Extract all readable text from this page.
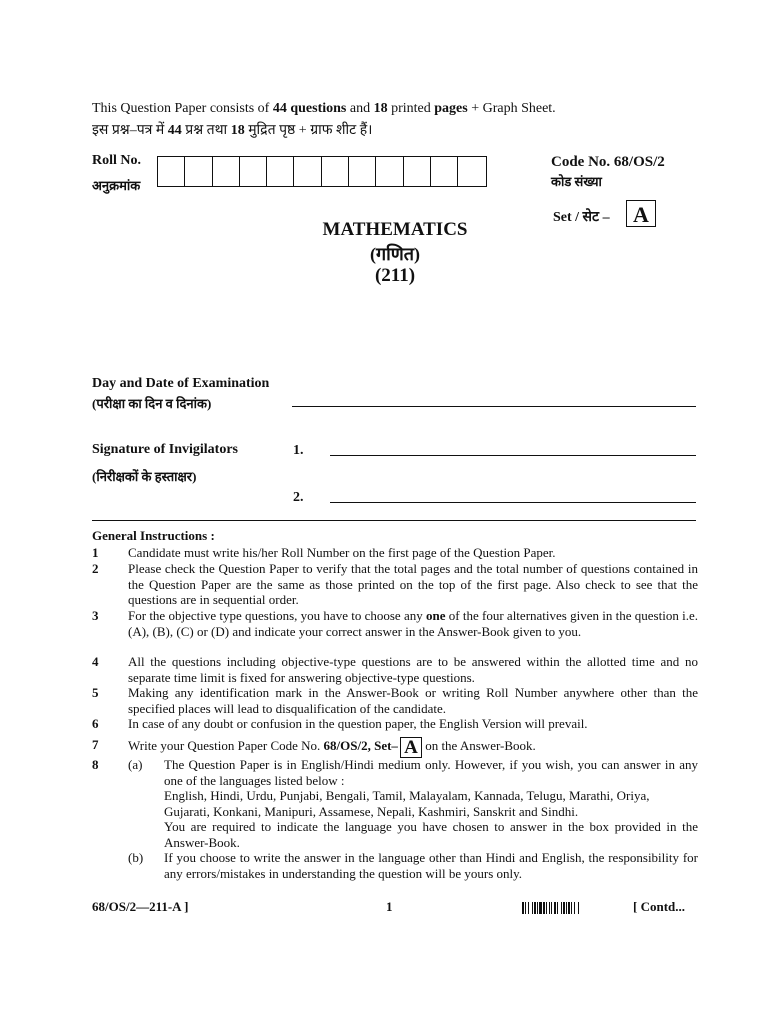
This Question Paper consists of 44 questions and 18 printed pages + Graph Sheet.
इस प्रश्न–पत्र में 44 प्रश्न तथा 18 मुद्रित पृष्ठ + ग्राफ शीट हैं।
Roll No.
अनुक्रमांक
Code No. 68/OS/2
कोड संख्या
Set / सेट –	A
MATHEMATICS
(गणित)
(211)
Day and Date of Examination
(परीक्षा का दिन व दिनांक)
Signature of Invigilators
(निरीक्षकों के हस्ताक्षर)
1.
2.
General Instructions :
1 Candidate must write his/her Roll Number on the first page of the Question Paper.
2 Please check the Question Paper to verify that the total pages and the total number of questions contained in the Question Paper are the same as those printed on the top of the first page. Also check to see that the questions are in sequential order.
3 For the objective type questions, you have to choose any one of the four alternatives given in the question i.e. (A), (B), (C) or (D) and indicate your correct answer in the Answer-Book given to you.
4 All the questions including objective-type questions are to be answered within the allotted time and no separate time limit is fixed for answering objective-type questions.
5 Making any identification mark in the Answer-Book or writing Roll Number anywhere other than the specified places will lead to disqualification of the candidate.
6 In case of any doubt or confusion in the question paper, the English Version will prevail.
7 Write your Question Paper Code No. 68/OS/2, Set– A on the Answer-Book.
8 (a) The Question Paper is in English/Hindi medium only. However, if you wish, you can answer in any one of the languages listed below :
English, Hindi, Urdu, Punjabi, Bengali, Tamil, Malayalam, Kannada, Telugu, Marathi, Oriya,
Gujarati, Konkani, Manipuri, Assamese, Nepali, Kashmiri, Sanskrit and Sindhi.
You are required to indicate the language you have chosen to answer in the box provided in the Answer-Book.
(b) If you choose to write the answer in the language other than Hindi and English, the responsibility for any errors/mistakes in understanding the question will be yours only.
68/OS/2—211-A ]	1	[ Contd...
